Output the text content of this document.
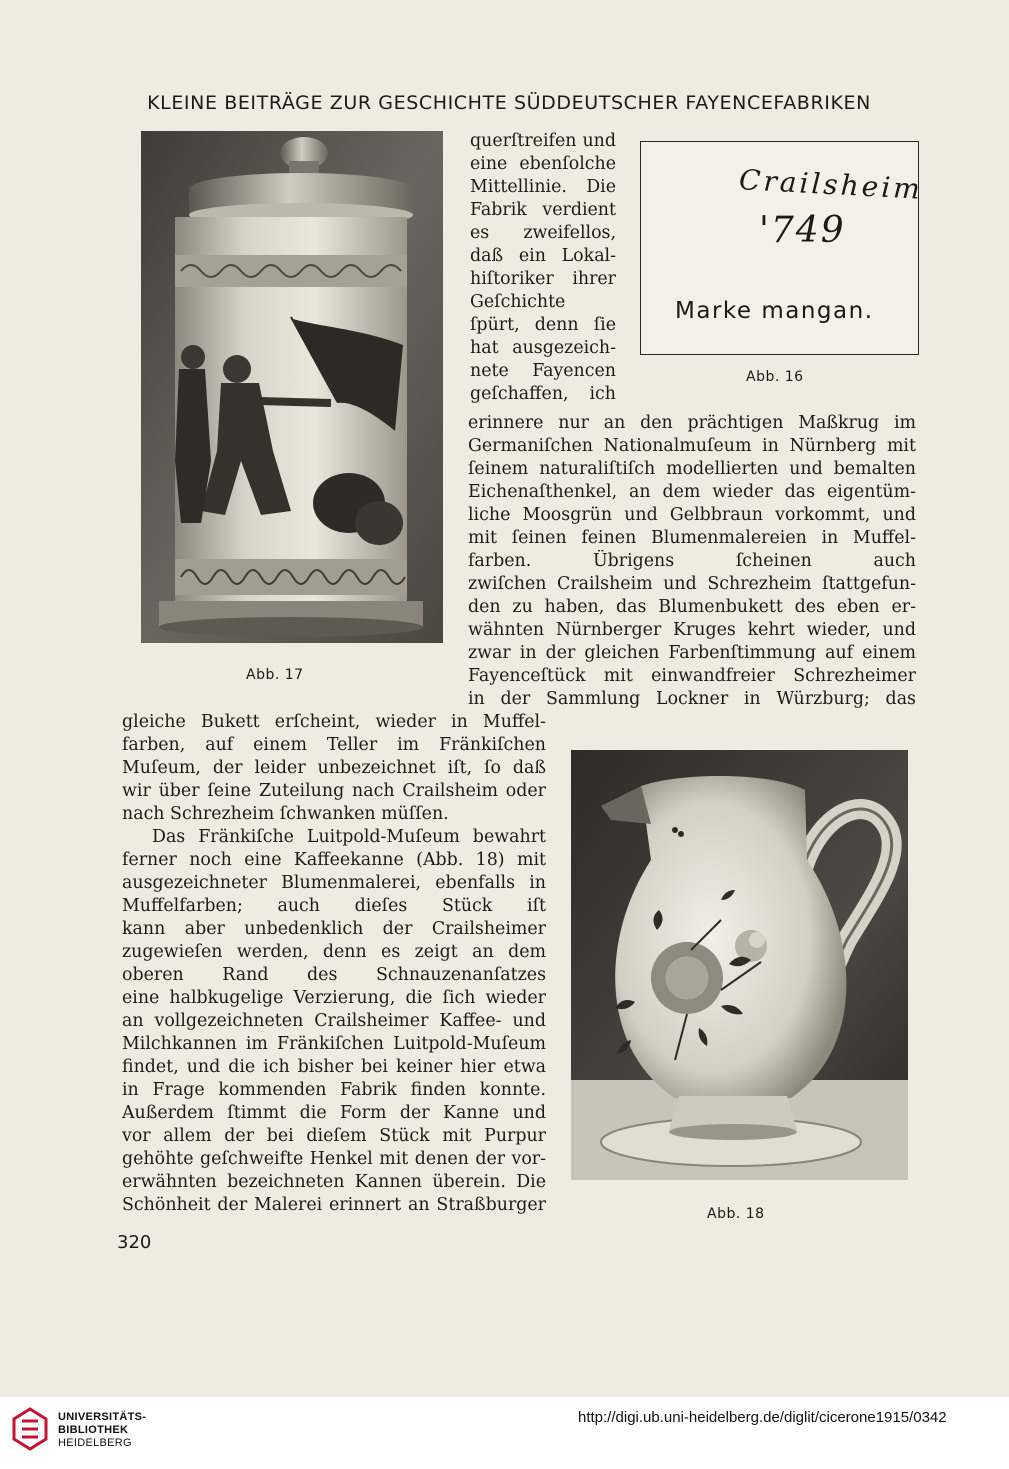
KLEINE BEITRÄGE ZUR GESCHICHTE SÜDDEUTSCHER FAYENCEFABRIKEN
Abb. 17
querſtreifen und
eine ebenſolche
Mittellinie. Die
Fabrik verdient
es zweifellos,
daß ein Lokal-
hiſtoriker ihrer
Geſchichte
ſpürt, denn ſie
hat ausgezeich-
nete Fayencen
geſchaffen, ich
Crailsheim
'749
Marke mangan.
Abb. 16
erinnere nur an den prächtigen Maßkrug im
Germaniſchen Nationalmuſeum in Nürnberg mit
ſeinem naturaliſtiſch modellierten und bemalten
Eichenaſthenkel, an dem wieder das eigentüm-
liche Moosgrün und Gelbbraun vorkommt, und
mit ſeinen feinen Blumenmalereien in Muffel-
farben. Übrigens ſcheinen auch
zwiſchen Crailsheim und Schrezheim ſtattgefun-
den zu haben, das Blumenbukett des eben er-
wähnten Nürnberger Kruges kehrt wieder, und
zwar in der gleichen Farbenſtimmung auf einem
Fayenceſtück mit einwandfreier Schrezheimer
in der Sammlung Lockner in Würzburg; das
gleiche Bukett erſcheint, wieder in Muffel-
farben, auf einem Teller im Fränkiſchen
Muſeum, der leider unbezeichnet iſt, ſo daß
wir über ſeine Zuteilung nach Crailsheim oder
nach Schrezheim ſchwanken müſſen.
Das Fränkiſche Luitpold-Muſeum bewahrt
ferner noch eine Kaffeekanne (Abb. 18) mit
ausgezeichneter Blumenmalerei, ebenfalls in
Muffelfarben; auch dieſes Stück iſt
kann aber unbedenklich der Crailsheimer
zugewieſen werden, denn es zeigt an dem
oberen Rand des Schnauzenanſatzes
eine halbkugelige Verzierung, die ſich wieder
an vollgezeichneten Crailsheimer Kaffee- und
Milchkannen im Fränkiſchen Luitpold-Muſeum
findet, und die ich bisher bei keiner hier etwa
in Frage kommenden Fabrik finden konnte.
Außerdem ſtimmt die Form der Kanne und
vor allem der bei dieſem Stück mit Purpur
gehöhte geſchweifte Henkel mit denen der vor-
erwähnten bezeichneten Kannen überein. Die
Schönheit der Malerei erinnert an Straßburger	Abb. 18
320
UNIVERSITÄTS-
BIBLIOTHEK
HEIDELBERG
http://digi.ub.uni-heidelberg.de/diglit/cicerone1915/0342
